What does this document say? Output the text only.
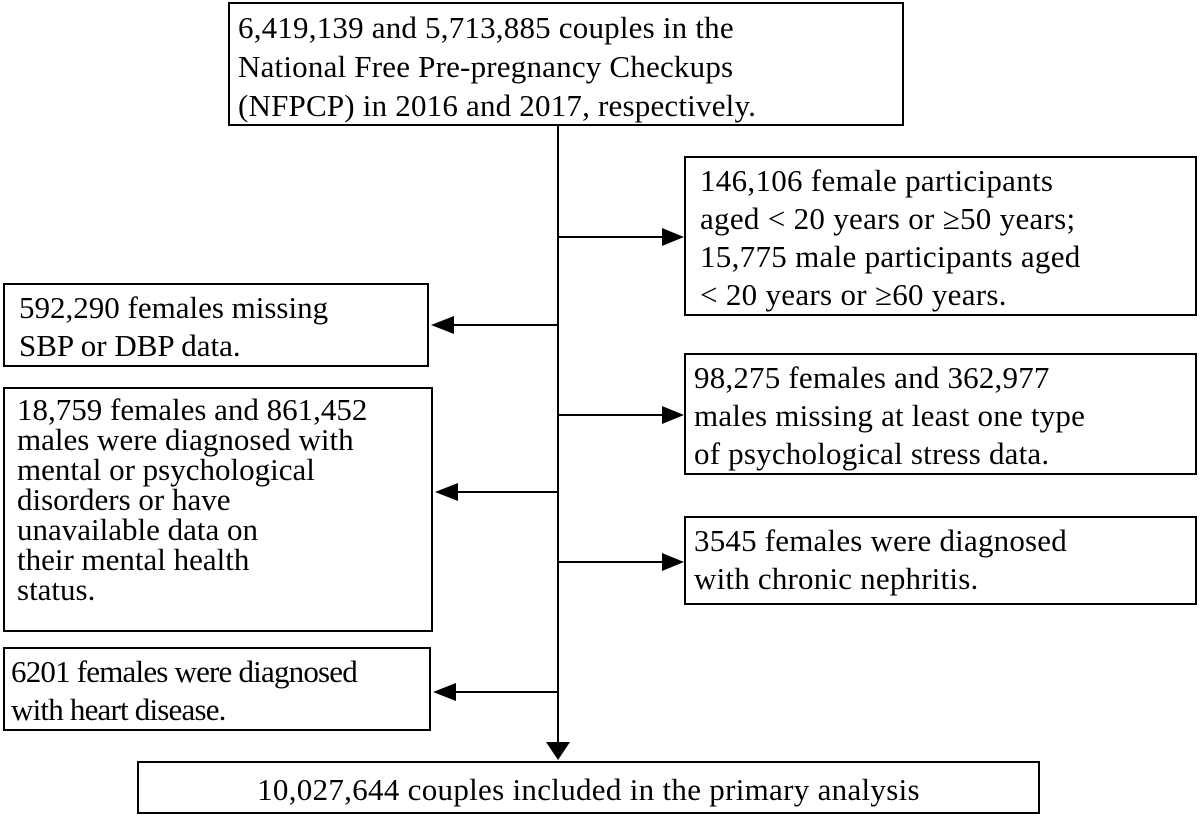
6,419,139 and 5,713,885 couples in the
National Free Pre-pregnancy Checkups
(NFPCP) in 2016 and 2017, respectively.
146,106 female participants
aged < 20 years or ≥50 years;
15,775 male participants aged
< 20 years or ≥60 years.
592,290 females missing
SBP or DBP data.
18,759 females and 861,452
males were diagnosed with
mental or psychological
disorders or have
unavailable data on
their mental health
status.
98,275 females and 362,977
males missing at least one type
of psychological stress data.
3545 females were diagnosed
with chronic nephritis.
6201 females were diagnosed
with heart disease.
10,027,644 couples included in the primary analysis
